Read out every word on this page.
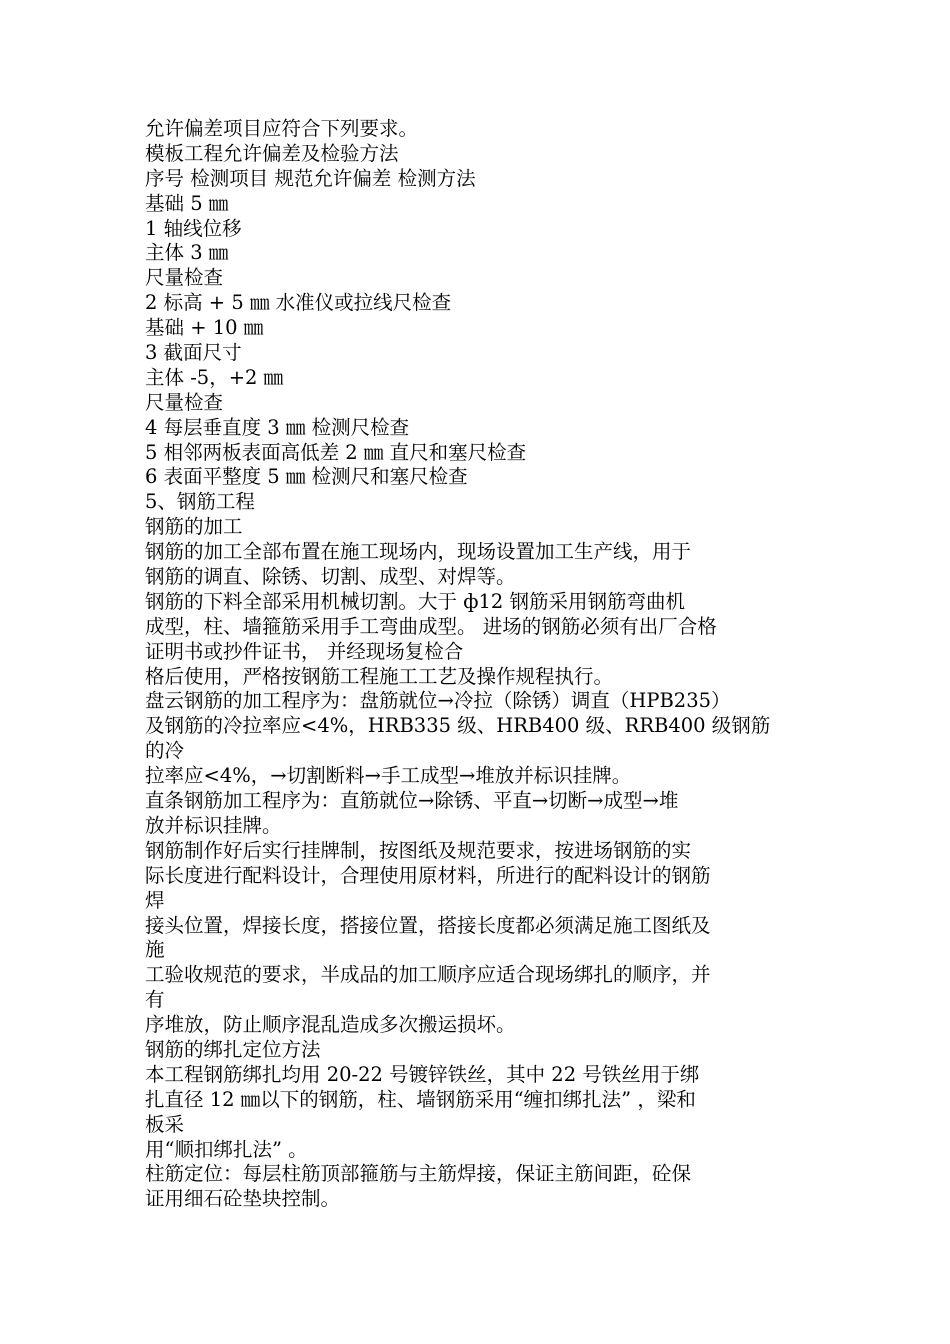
允许偏差项目应符合下列要求。
模板工程允许偏差及检验方法
序号 检测项目 规范允许偏差 检测方法
基础 5 ㎜
1 轴线位移
主体 3 ㎜
尺量检查
2 标高 + 5 ㎜ 水准仪或拉线尺检查
基础 + 10 ㎜
3 截面尺寸
主体 -5，+2 ㎜
尺量检查
4 每层垂直度 3 ㎜ 检测尺检查
5 相邻两板表面高低差 2 ㎜ 直尺和塞尺检查
6 表面平整度 5 ㎜ 检测尺和塞尺检查
5、钢筋工程
钢筋的加工
钢筋的加工全部布置在施工现场内，现场设置加工生产线，用于
钢筋的调直、除锈、切割、成型、对焊等。
钢筋的下料全部采用机械切割。大于 ф12 钢筋采用钢筋弯曲机
成型，柱、墙箍筋采用手工弯曲成型。 进场的钢筋必须有出厂合格
证明书或抄件证书， 并经现场复检合
格后使用，严格按钢筋工程施工工艺及操作规程执行。
盘云钢筋的加工程序为：盘筋就位→冷拉（除锈）调直（HPB235）
及钢筋的冷拉率应<4%，HRB335 级、HRB400 级、RRB400 级钢筋
的冷
拉率应<4%，→切割断料→手工成型→堆放并标识挂牌。
直条钢筋加工程序为：直筋就位→除锈、平直→切断→成型→堆
放并标识挂牌。
钢筋制作好后实行挂牌制，按图纸及规范要求，按进场钢筋的实
际长度进行配料设计，合理使用原材料，所进行的配料设计的钢筋
焊
接头位置，焊接长度，搭接位置，搭接长度都必须满足施工图纸及
施
工验收规范的要求，半成品的加工顺序应适合现场绑扎的顺序，并
有
序堆放，防止顺序混乱造成多次搬运损坏。
钢筋的绑扎定位方法
本工程钢筋绑扎均用 20-22 号镀锌铁丝，其中 22 号铁丝用于绑
扎直径 12 ㎜以下的钢筋，柱、墙钢筋采用“缠扣绑扎法” ，梁和
板采
用“顺扣绑扎法” 。
柱筋定位：每层柱筋顶部箍筋与主筋焊接，保证主筋间距，砼保
证用细石砼垫块控制。
